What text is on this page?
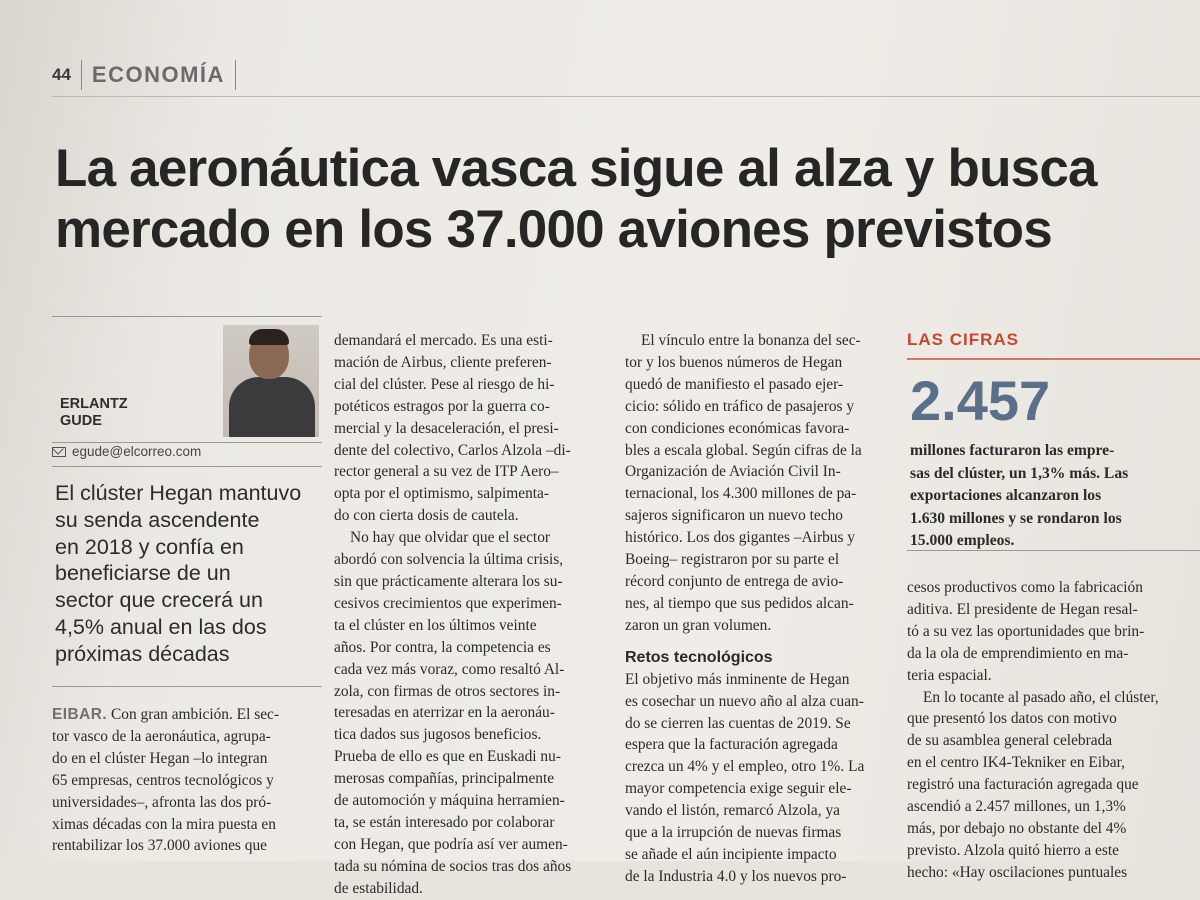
44 ECONOMÍA
La aeronáutica vasca sigue al alza y busca
mercado en los 37.000 aviones previstos
ERLANTZ
GUDE
egude@elcorreo.com
El clúster Hegan mantuvo
su senda ascendente
en 2018 y confía en
beneficiarse de un
sector que crecerá un
4,5% anual en las dos
próximas décadas
EIBAR. Con gran ambición. El sec-
tor vasco de la aeronáutica, agrupa-
do en el clúster Hegan –lo integran
65 empresas, centros tecnológicos y
universidades–, afronta las dos pró-
ximas décadas con la mira puesta en
rentabilizar los 37.000 aviones que
demandará el mercado. Es una esti-
mación de Airbus, cliente preferen-
cial del clúster. Pese al riesgo de hi-
potéticos estragos por la guerra co-
mercial y la desaceleración, el presi-
dente del colectivo, Carlos Alzola –di-
rector general a su vez de ITP Aero–
opta por el optimismo, salpimenta-
do con cierta dosis de cautela.
No hay que olvidar que el sector
abordó con solvencia la última crisis,
sin que prácticamente alterara los su-
cesivos crecimientos que experimen-
ta el clúster en los últimos veinte
años. Por contra, la competencia es
cada vez más voraz, como resaltó Al-
zola, con firmas de otros sectores in-
teresadas en aterrizar en la aeronáu-
tica dados sus jugosos beneficios.
Prueba de ello es que en Euskadi nu-
merosas compañías, principalmente
de automoción y máquina herramien-
ta, se están interesado por colaborar
con Hegan, que podría así ver aumen-
tada su nómina de socios tras dos años
de estabilidad.
El vínculo entre la bonanza del sec-
tor y los buenos números de Hegan
quedó de manifiesto el pasado ejer-
cicio: sólido en tráfico de pasajeros y
con condiciones económicas favora-
bles a escala global. Según cifras de la
Organización de Aviación Civil In-
ternacional, los 4.300 millones de pa-
sajeros significaron un nuevo techo
histórico. Los dos gigantes –Airbus y
Boeing– registraron por su parte el
récord conjunto de entrega de avio-
nes, al tiempo que sus pedidos alcan-
zaron un gran volumen.
Retos tecnológicos
El objetivo más inminente de Hegan
es cosechar un nuevo año al alza cuan-
do se cierren las cuentas de 2019. Se
espera que la facturación agregada
crezca un 4% y el empleo, otro 1%. La
mayor competencia exige seguir ele-
vando el listón, remarcó Alzola, ya
que a la irrupción de nuevas firmas
se añade el aún incipiente impacto
de la Industria 4.0 y los nuevos pro-
LAS CIFRAS
2.457
millones facturaron las empre-
sas del clúster, un 1,3% más. Las
exportaciones alcanzaron los
1.630 millones y se rondaron los
15.000 empleos.
cesos productivos como la fabricación
aditiva. El presidente de Hegan resal-
tó a su vez las oportunidades que brin-
da la ola de emprendimiento en ma-
teria espacial.
En lo tocante al pasado año, el clúster,
que presentó los datos con motivo
de su asamblea general celebrada
en el centro IK4-Tekniker en Eibar,
registró una facturación agregada que
ascendió a 2.457 millones, un 1,3%
más, por debajo no obstante del 4%
previsto. Alzola quitó hierro a este
hecho: «Hay oscilaciones puntuales
